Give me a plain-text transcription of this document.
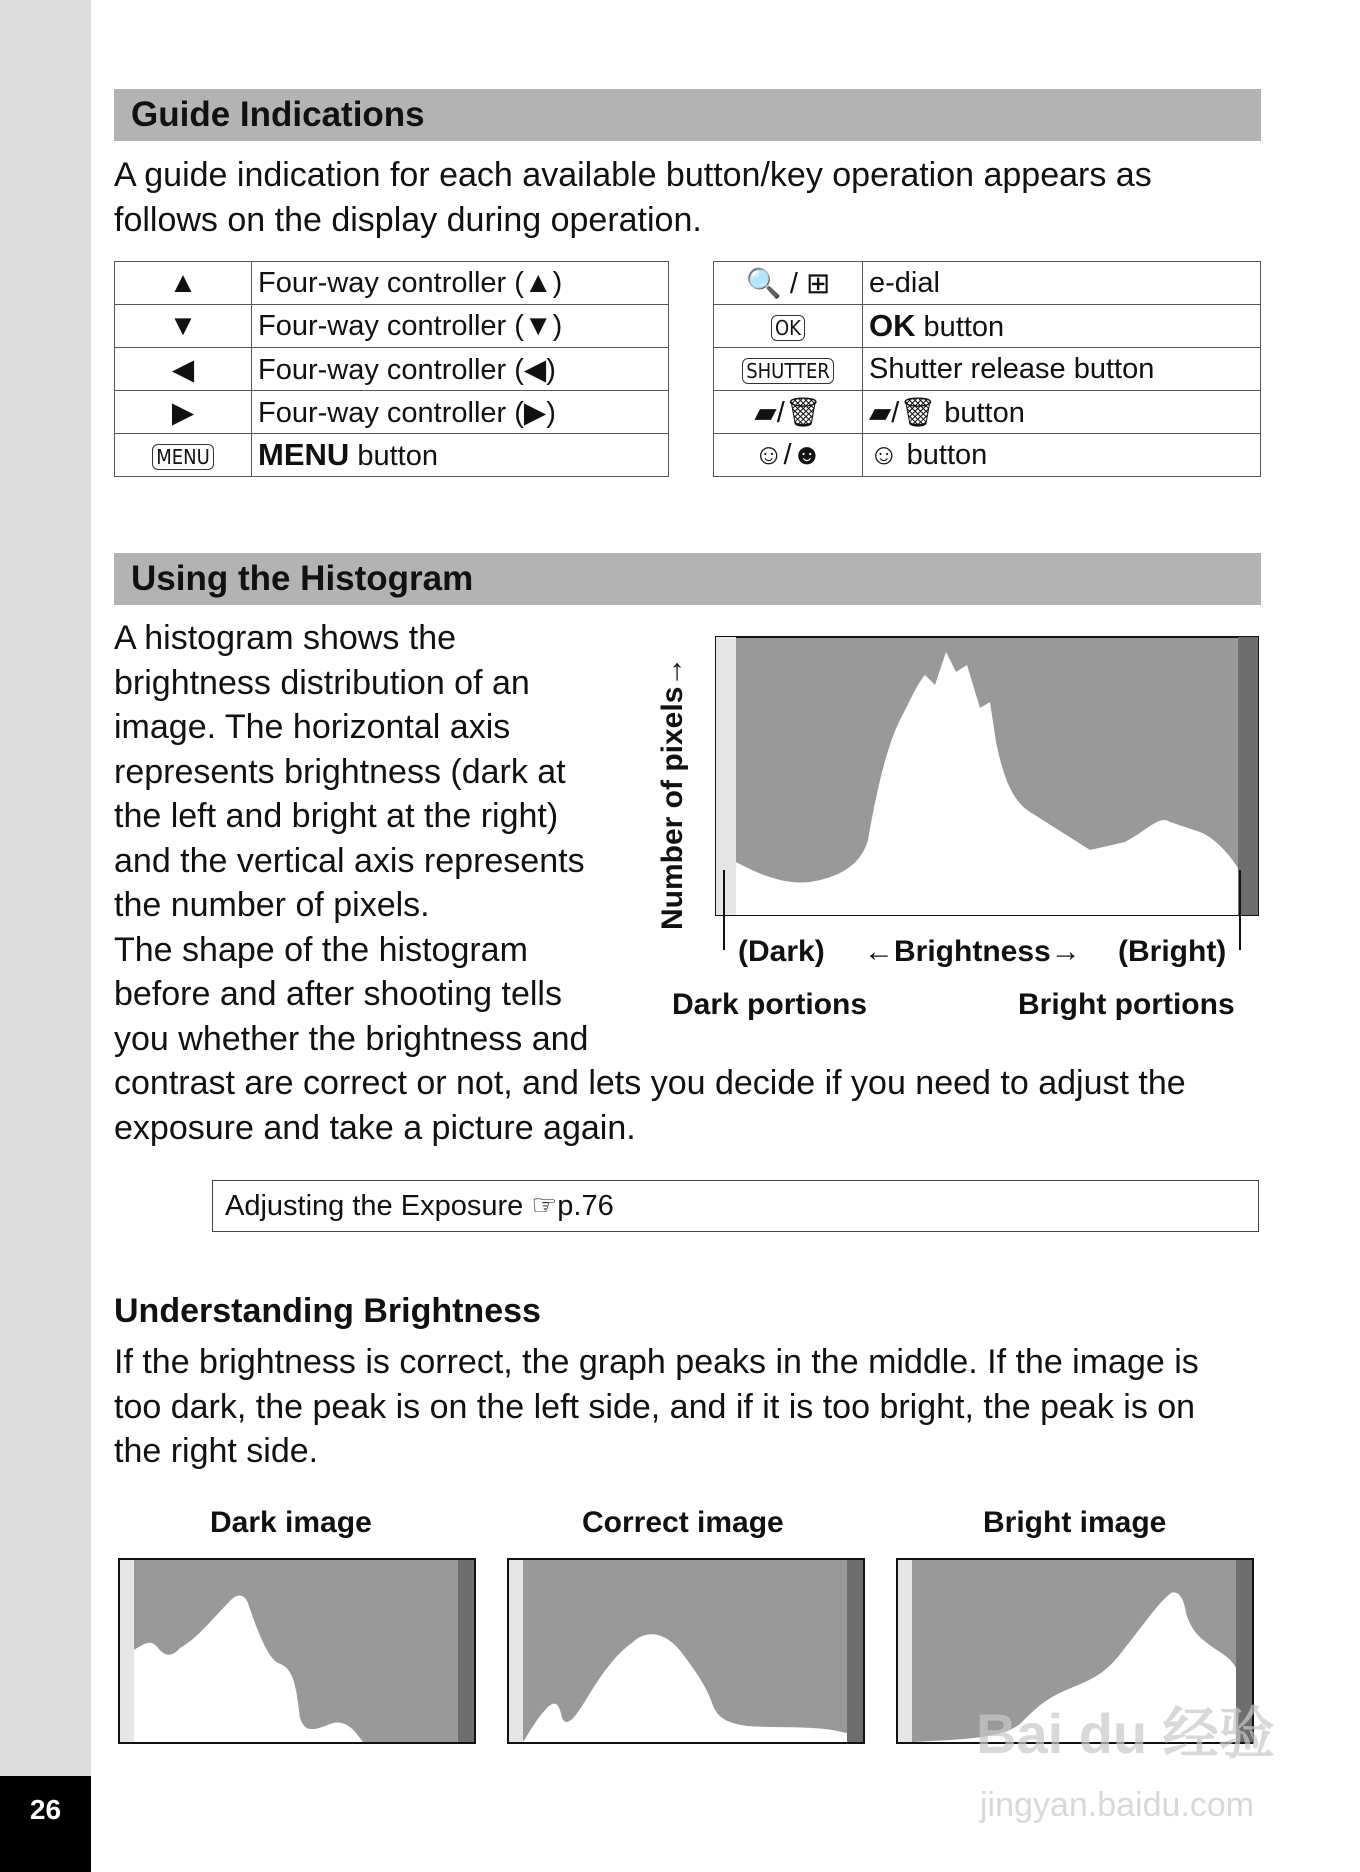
26
Guide Indications
A guide indication for each available button/key operation appears as follows on the display during operation.
▲	Four-way controller (▲)
▼	Four-way controller (▼)
◀	Four-way controller (◀)
▶	Four-way controller (▶)
MENU	MENU button
🔍 / ⊞	e-dial
OK	OK button
SHUTTER	Shutter release button
▰/🗑	▰/🗑 button
☺/☻	☺ button
Using the Histogram
A histogram shows the
brightness distribution of an
image. The horizontal axis
represents brightness (dark at
the left and bright at the right)
and the vertical axis represents
the number of pixels.
The shape of the histogram
before and after shooting tells
you whether the brightness and
contrast are correct or not, and lets you decide if you need to adjust the
exposure and take a picture again.
Number of pixels→
(Dark) ←Brightness→ (Bright)
Dark portions	Bright portions
Adjusting the Exposure ☞p.76
Understanding Brightness
If the brightness is correct, the graph peaks in the middle. If the image is
too dark, the peak is on the left side, and if it is too bright, the peak is on
the right side.
Dark image	Correct image	Bright image
Bai du 经验
jingyan.baidu.com
